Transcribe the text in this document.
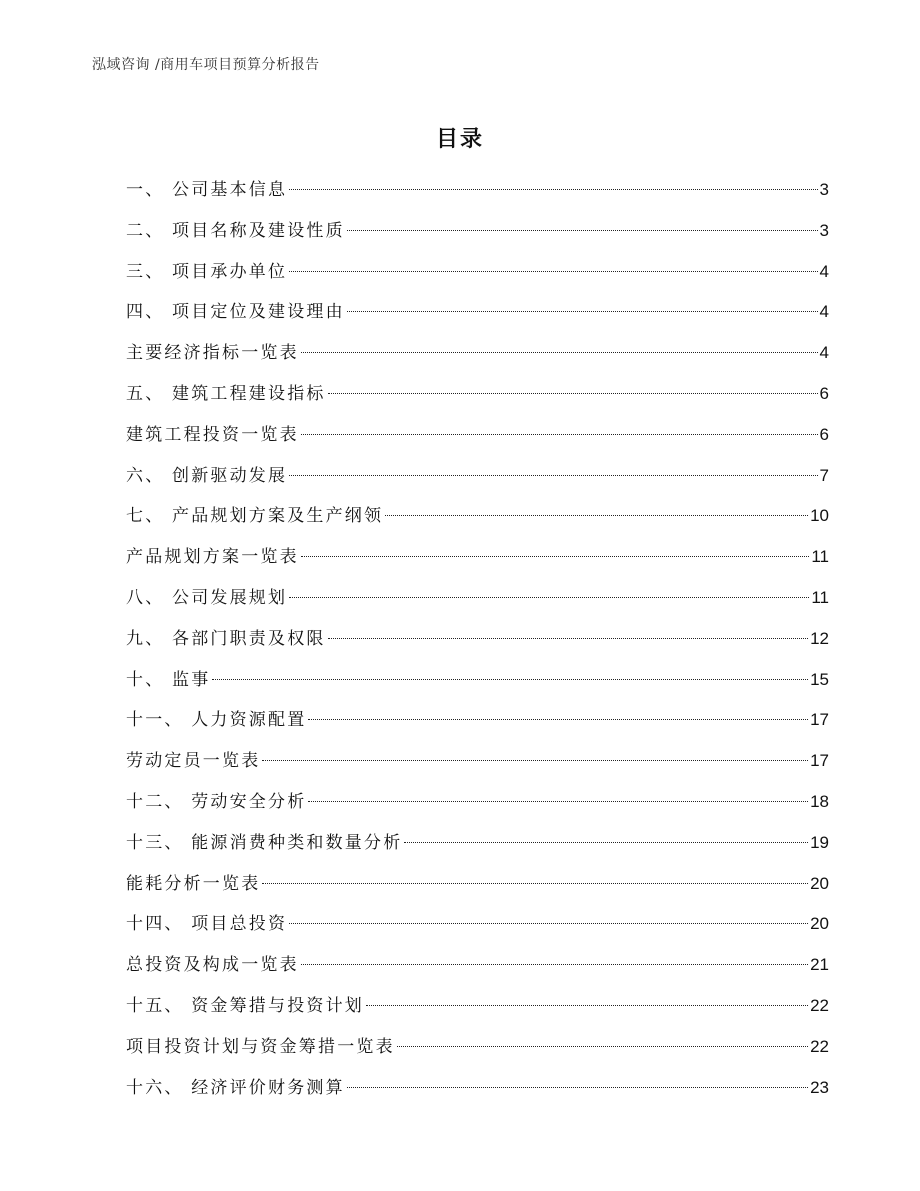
泓域咨询 /商用车项目预算分析报告
目录
一、 公司基本信息	3
二、 项目名称及建设性质	3
三、 项目承办单位	4
四、 项目定位及建设理由	4
主要经济指标一览表	4
五、 建筑工程建设指标	6
建筑工程投资一览表	6
六、 创新驱动发展	7
七、 产品规划方案及生产纲领	10
产品规划方案一览表	11
八、 公司发展规划	11
九、 各部门职责及权限	12
十、 监事	15
十一、 人力资源配置	17
劳动定员一览表	17
十二、 劳动安全分析	18
十三、 能源消费种类和数量分析	19
能耗分析一览表	20
十四、 项目总投资	20
总投资及构成一览表	21
十五、 资金筹措与投资计划	22
项目投资计划与资金筹措一览表	22
十六、 经济评价财务测算	23
